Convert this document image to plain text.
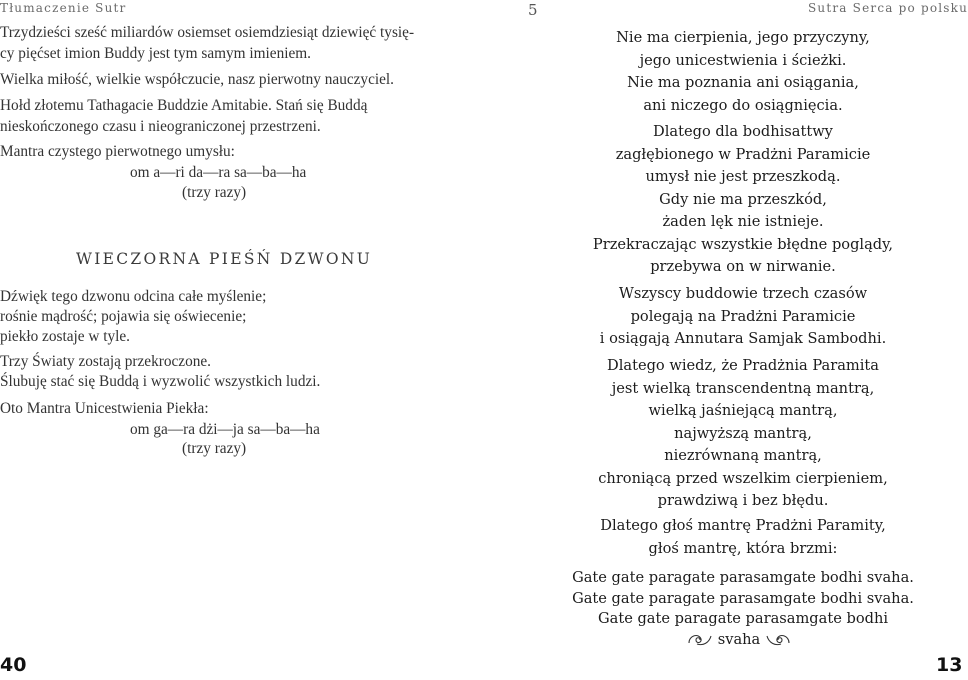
Tłumaczenie Sutr	5	Sutra Serca po polsku
Trzydzieści sześć miliardów osiemset osiemdziesiąt dziewięć tysię-
cy pięćset imion Buddy jest tym samym imieniem.
Wielka miłość, wielkie współczucie, nasz pierwotny nauczyciel.
Hołd złotemu Tathagacie Buddzie Amitabie. Stań się Buddą
nieskończonego czasu i nieograniczonej przestrzeni.
Mantra czystego pierwotnego umysłu:
om a—ri da—ra sa—ba—ha
(trzy razy)
WIECZORNA PIEŚŃ DZWONU
Dźwięk tego dzwonu odcina całe myślenie;
rośnie mądrość; pojawia się oświecenie;
piekło zostaje w tyle.
Trzy Światy zostają przekroczone.
Ślubuję stać się Buddą i wyzwolić wszystkich ludzi.
Oto Mantra Unicestwienia Piekła:
om ga—ra dżi—ja sa—ba—ha
(trzy razy)
40
Nie ma cierpienia, jego przyczyny,
jego unicestwienia i ścieżki.
Nie ma poznania ani osiągania,
ani niczego do osiągnięcia.
Dlatego dla bodhisattwy
zagłębionego w Pradżni Paramicie
umysł nie jest przeszkodą.
Gdy nie ma przeszkód,
żaden lęk nie istnieje.
Przekraczając wszystkie błędne poglądy,
przebywa on w nirwanie.
Wszyscy buddowie trzech czasów
polegają na Pradżni Paramicie
i osiągają Annutara Samjak Sambodhi.
Dlatego wiedz, że Pradżnia Paramita
jest wielką transcendentną mantrą,
wielką jaśniejącą mantrą,
najwyższą mantrą,
niezrównaną mantrą,
chroniącą przed wszelkim cierpieniem,
prawdziwą i bez błędu.
Dlatego głoś mantrę Pradżni Paramity,
głoś mantrę, która brzmi:
Gate gate paragate parasamgate bodhi svaha.
Gate gate paragate parasamgate bodhi svaha.
Gate gate paragate parasamgate bodhi
svaha
13
